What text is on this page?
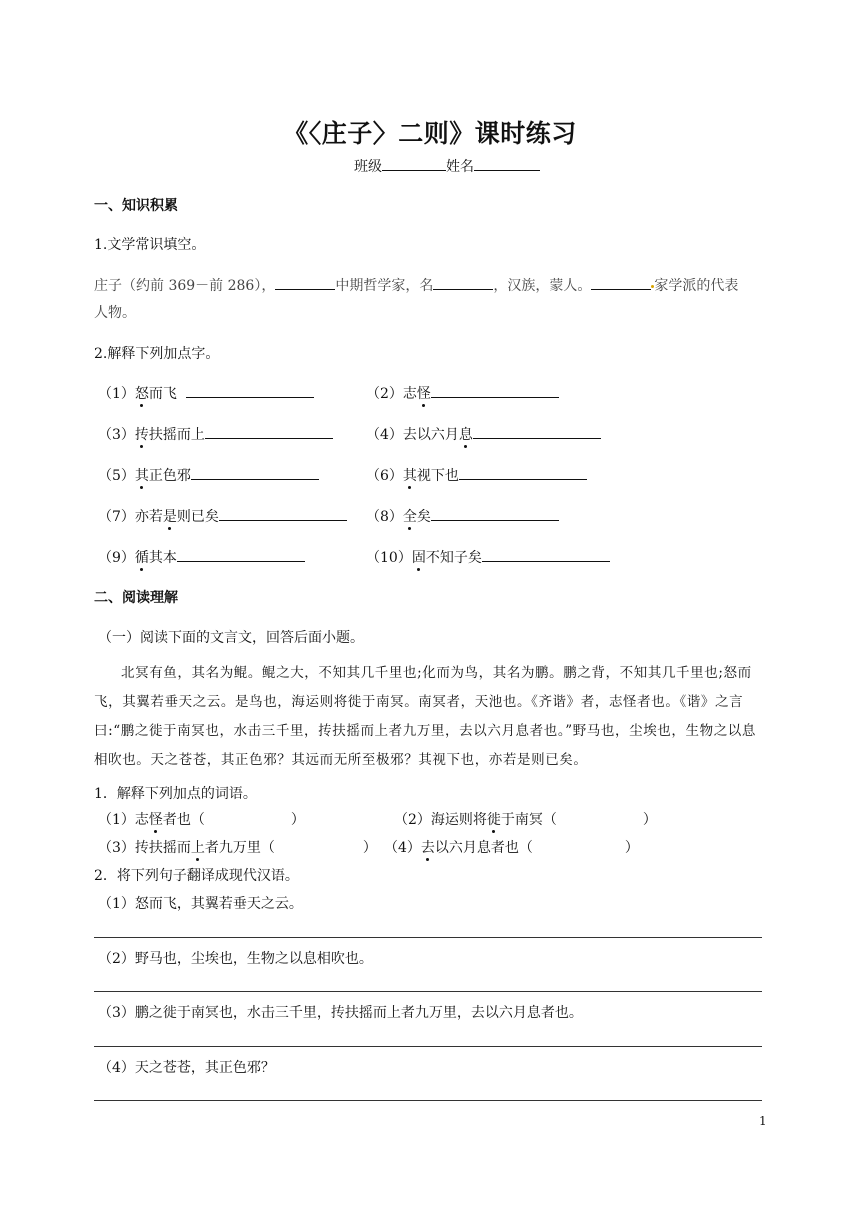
《〈庄子〉二则》课时练习
班级	姓名
一、知识积累
1.文学常识填空。
庄子（约前 369－前 286），	中期哲学家，名	，汉族，蒙人。	家学派的代表
人物。
2.解释下列加点字。
（1）怒而飞	（2）志怪
（3）抟扶摇而上	（4）去以六月息
（5）其正色邪	（6）其视下也
（7）亦若是则已矣	（8）全矣
（9）循其本	（10）固不知子矣
二、阅读理解
（一）阅读下面的文言文，回答后面小题。
北冥有鱼，其名为鲲。鲲之大，不知其几千里也;化而为鸟，其名为鹏。鹏之背，不知其几千里也;怒而飞，其翼若垂天之云。是鸟也，海运则将徙于南冥。南冥者，天池也。《齐谐》者，志怪者也。《谐》之言曰:“鹏之徙于南冥也，水击三千里，抟扶摇而上者九万里，去以六月息者也。”野马也，尘埃也，生物之以息相吹也。天之苍苍，其正色邪？其远而无所至极邪？其视下也，亦若是则已矣。
1．解释下列加点的词语。
（1）志怪者也（	）	（2）海运则将徙于南冥（	）
（3）抟扶摇而上者九万里（	） （4）去以六月息者也（	）
2．将下列句子翻译成现代汉语。
（1）怒而飞，其翼若垂天之云。
（2）野马也，尘埃也，生物之以息相吹也。
（3）鹏之徙于南冥也，水击三千里，抟扶摇而上者九万里，去以六月息者也。
（4）天之苍苍，其正色邪？
1
